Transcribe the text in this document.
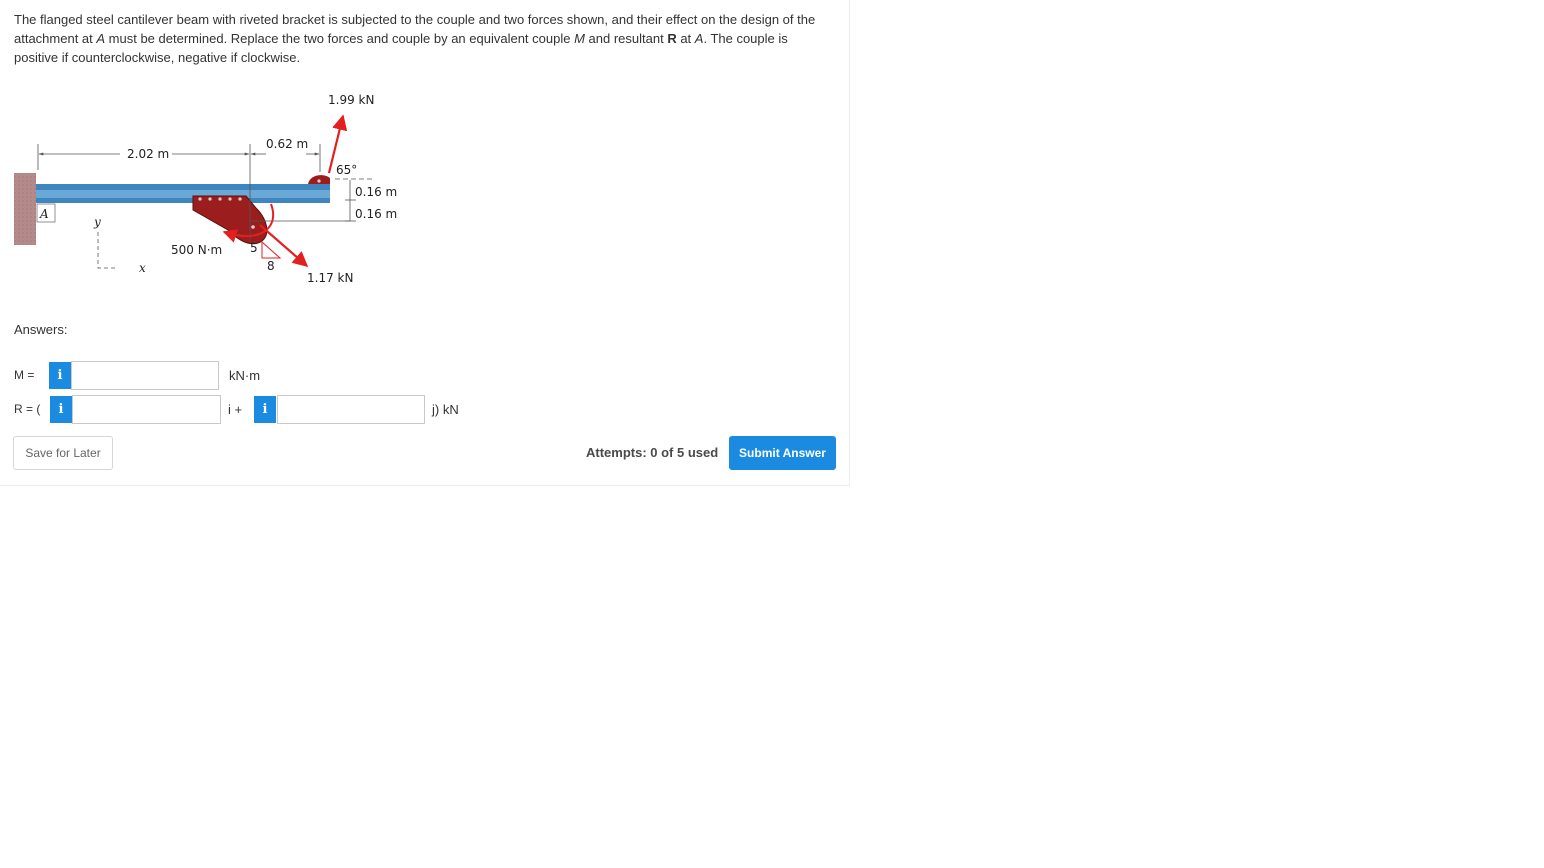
The flanged steel cantilever beam with riveted bracket is subjected to the couple and two forces shown, and their effect on the design of the attachment at A must be determined. Replace the two forces and couple by an equivalent couple M and resultant R at A. The couple is positive if counterclockwise, negative if clockwise.
A
2.02 m
0.62 m
1.99 kN
65°
0.16 m
0.16 m
1.17 kN
5
8
500 N·m
y
x
Answers:
M =	i	kN·m
R = (	i	i +	i	j) kN
Save for Later	Attempts: 0 of 5 used	Submit Answer
